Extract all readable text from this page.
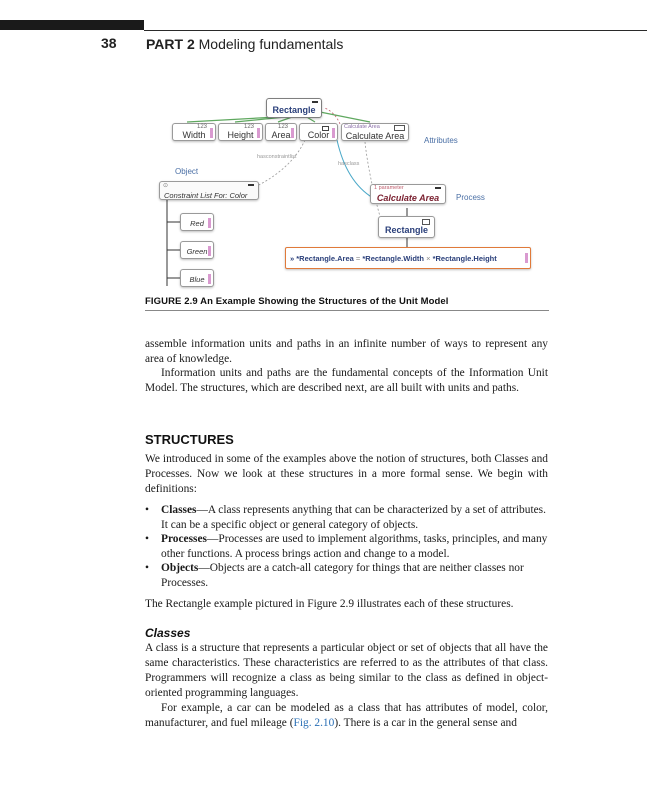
38 PART 2 Modeling fundamentals
Rectangle
123
Width
123
Height
123
Area	Color
Calculate Area
Calculate Area	Attributes
hasconstraintlist
hasclass
Object
Process
⊙
Constraint List For: Color
Red
Green
Blue
1 parameter
Calculate Area
Rectangle
» *Rectangle.Area = *Rectangle.Width × *Rectangle.Height
FIGURE 2.9 An Example Showing the Structures of the Unit Model

assemble information units and paths in an infinite number of ways to represent any area of knowledge.

Information units and paths are the fundamental concepts of the Information Unit Model. The structures, which are described next, are all built with units and paths.

STRUCTURES

We introduced in some of the examples above the notion of structures, both Classes and Processes. Now we look at these structures in a more formal sense. We begin with definitions:

• Classes—A class represents anything that can be characterized by a set of attributes. It can be a specific object or general category of objects.
• Processes—Processes are used to implement algorithms, tasks, principles, and many other functions. A process brings action and change to a model.
• Objects—Objects are a catch-all category for things that are neither classes nor Processes.

The Rectangle example pictured in Figure 2.9 illustrates each of these structures.

Classes

A class is a structure that represents a particular object or set of objects that all have the same characteristics. These characteristics are referred to as the attributes of that class. Programmers will recognize a class as being similar to the class as defined in object-oriented programming languages.

For example, a car can be modeled as a class that has attributes of model, color, manufacturer, and fuel mileage (Fig. 2.10). There is a car in the general sense and
